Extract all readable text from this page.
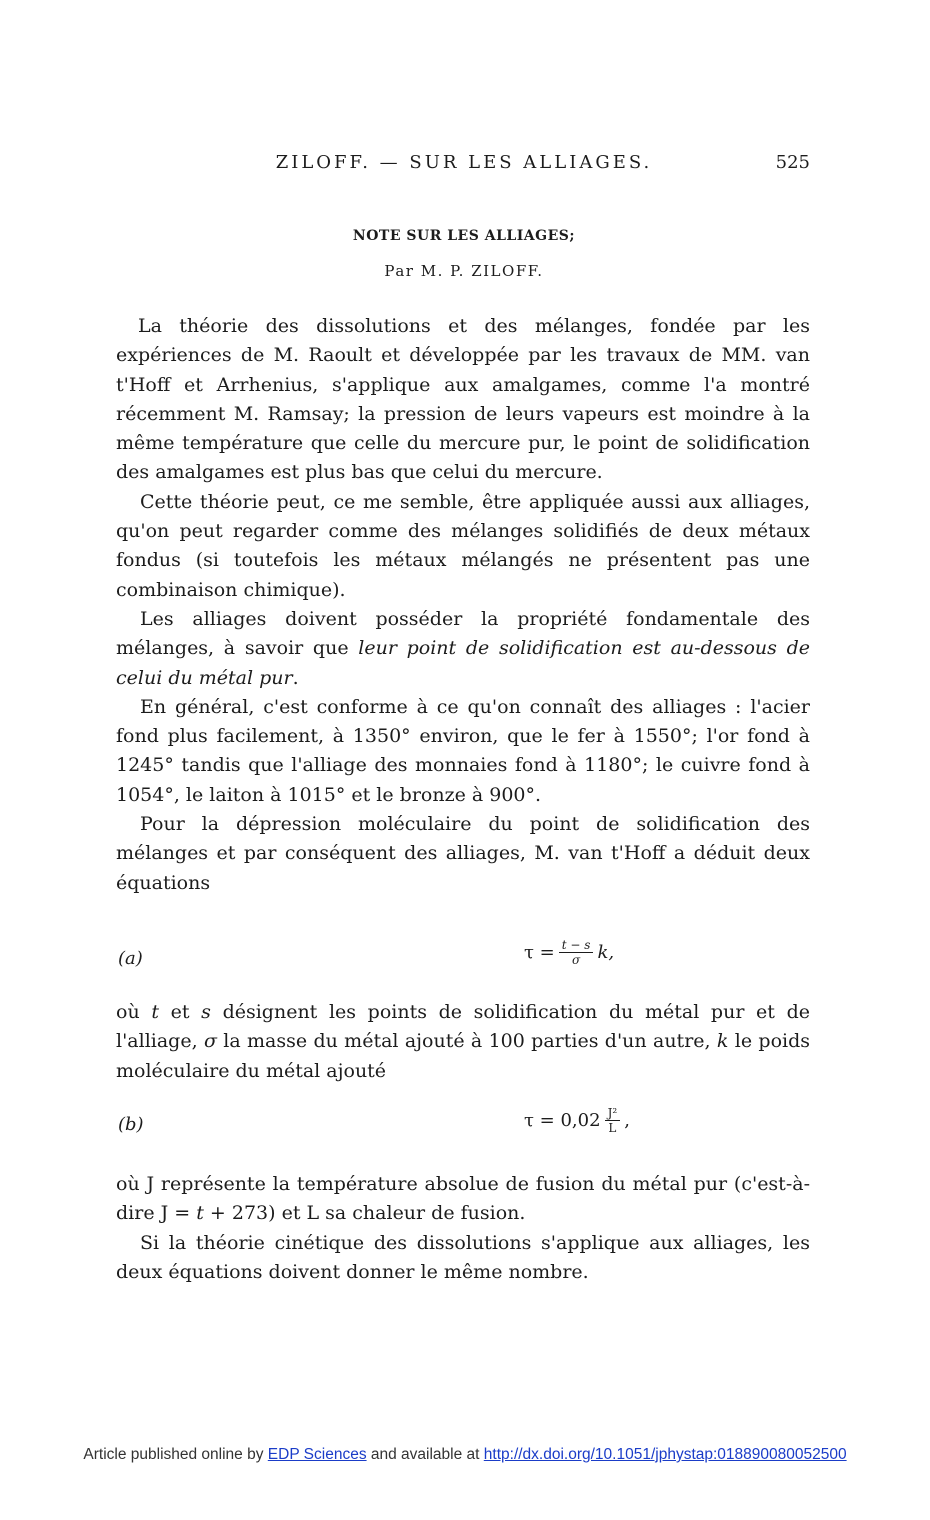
ZILOFF. — SUR LES ALLIAGES.	525
NOTE SUR LES ALLIAGES;
Par M. P. ZILOFF.

La théorie des dissolutions et des mélanges, fondée par les expériences de M. Raoult et développée par les travaux de MM. van t'Hoff et Arrhenius, s'applique aux amalgames, comme l'a montré récemment M. Ramsay; la pression de leurs vapeurs est moindre à la même température que celle du mercure pur, le point de solidification des amalgames est plus bas que celui du mercure.

Cette théorie peut, ce me semble, être appliquée aussi aux alliages, qu'on peut regarder comme des mélanges solidifiés de deux métaux fondus (si toutefois les métaux mélangés ne présentent pas une combinaison chimique).

Les alliages doivent posséder la propriété fondamentale des mélanges, à savoir que leur point de solidification est au-dessous de celui du métal pur.

En général, c'est conforme à ce qu'on connaît des alliages : l'acier fond plus facilement, à 1350° environ, que le fer à 1550°; l'or fond à 1245° tandis que l'alliage des monnaies fond à 1180°; le cuivre fond à 1054°, le laiton à 1015° et le bronze à 900°.

Pour la dépression moléculaire du point de solidification des mélanges et par conséquent des alliages, M. van t'Hoff a déduit deux équations

(a)	$\tau = \frac{t - s}{\sigma} k$,

où t et s désignent les points de solidification du métal pur et de l'alliage, σ la masse du métal ajouté à 100 parties d'un autre, k le poids moléculaire du métal ajouté

(b)	$\tau = 0,02 \frac{\text{J²}}{L}$ ,

où J représente la température absolue de fusion du métal pur (c'est-à-dire J = t + 273) et L sa chaleur de fusion.

Si la théorie cinétique des dissolutions s'applique aux alliages, les deux équations doivent donner le même nombre.

Article published online by EDP Sciences and available at http://dx.doi.org/10.1051/jphystap:018890080052500
